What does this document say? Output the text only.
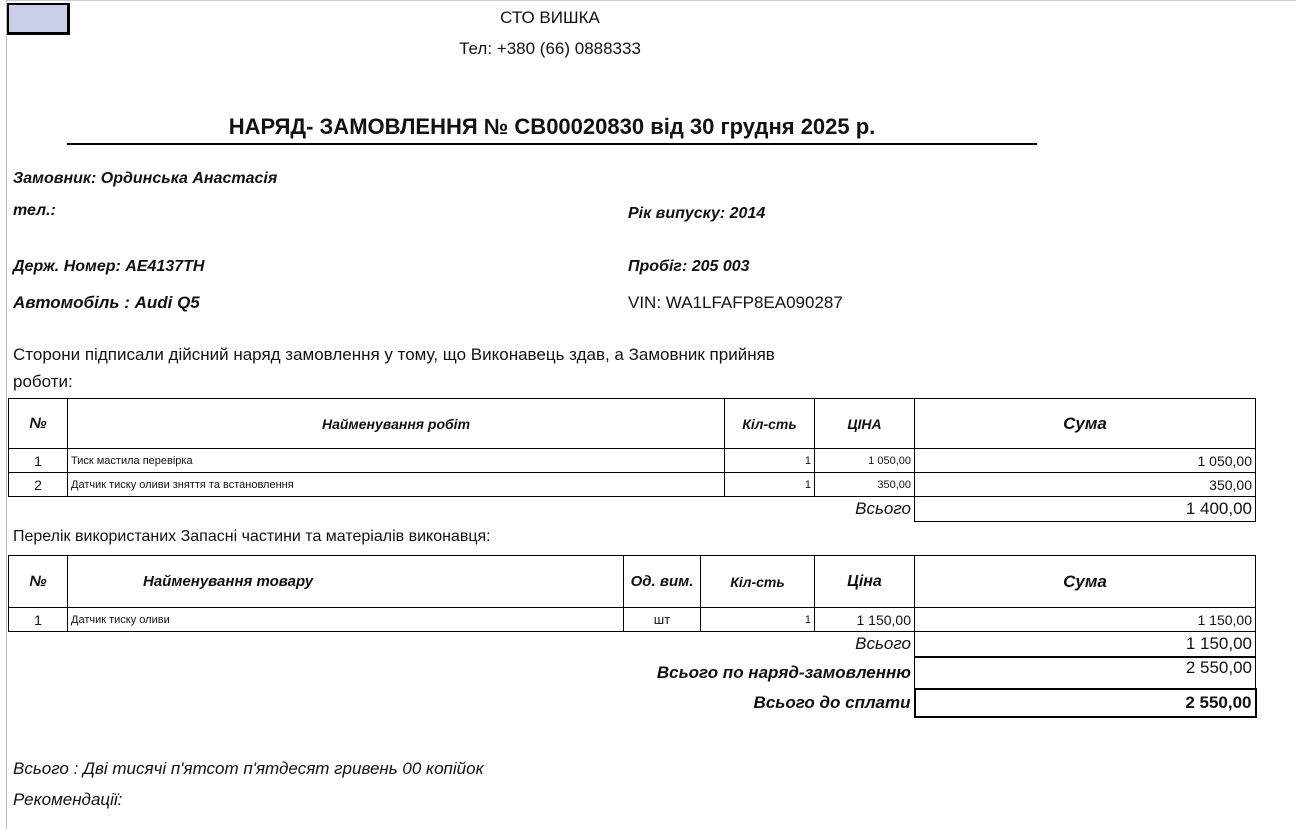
СТО ВИШКА
Тел: +380 (66) 0888333
НАРЯД- ЗАМОВЛЕННЯ № СВ00020830 від 30 грудня 2025 р.
Замовник: Ординська Анастасія
тел.:	Рік випуску: 2014
Держ. Номер: АЕ4137ТН	Пробіг: 205 003
Автомобіль : Audi Q5	VIN: WA1LFAFP8EA090287
Сторони підписали дійсний наряд замовлення у тому, що Виконавець здав, а Замовник прийняв
роботи:
№	Найменування робіт	Кіл-сть	ЦІНА	Сума
1	Тиск мастила перевірка	1	1 050,00	1 050,00
2	Датчик тиску оливи зняття та встановлення	1	350,00	350,00
Всього				1 400,00
Перелік використаних Запасні частини та матеріалів виконавця:
№	Найменування товару	Од. вим.	Кіл-сть	Ціна	Сума
1	Датчик тиску оливи	шт	1	1 150,00	1 150,00
Всього					1 150,00
Всього по наряд-замовленню					2 550,00
Всього до сплати					2 550,00
Всього : Дві тисячі п'ятсот п'ятдесят гривень 00 копійок
Рекомендації:
